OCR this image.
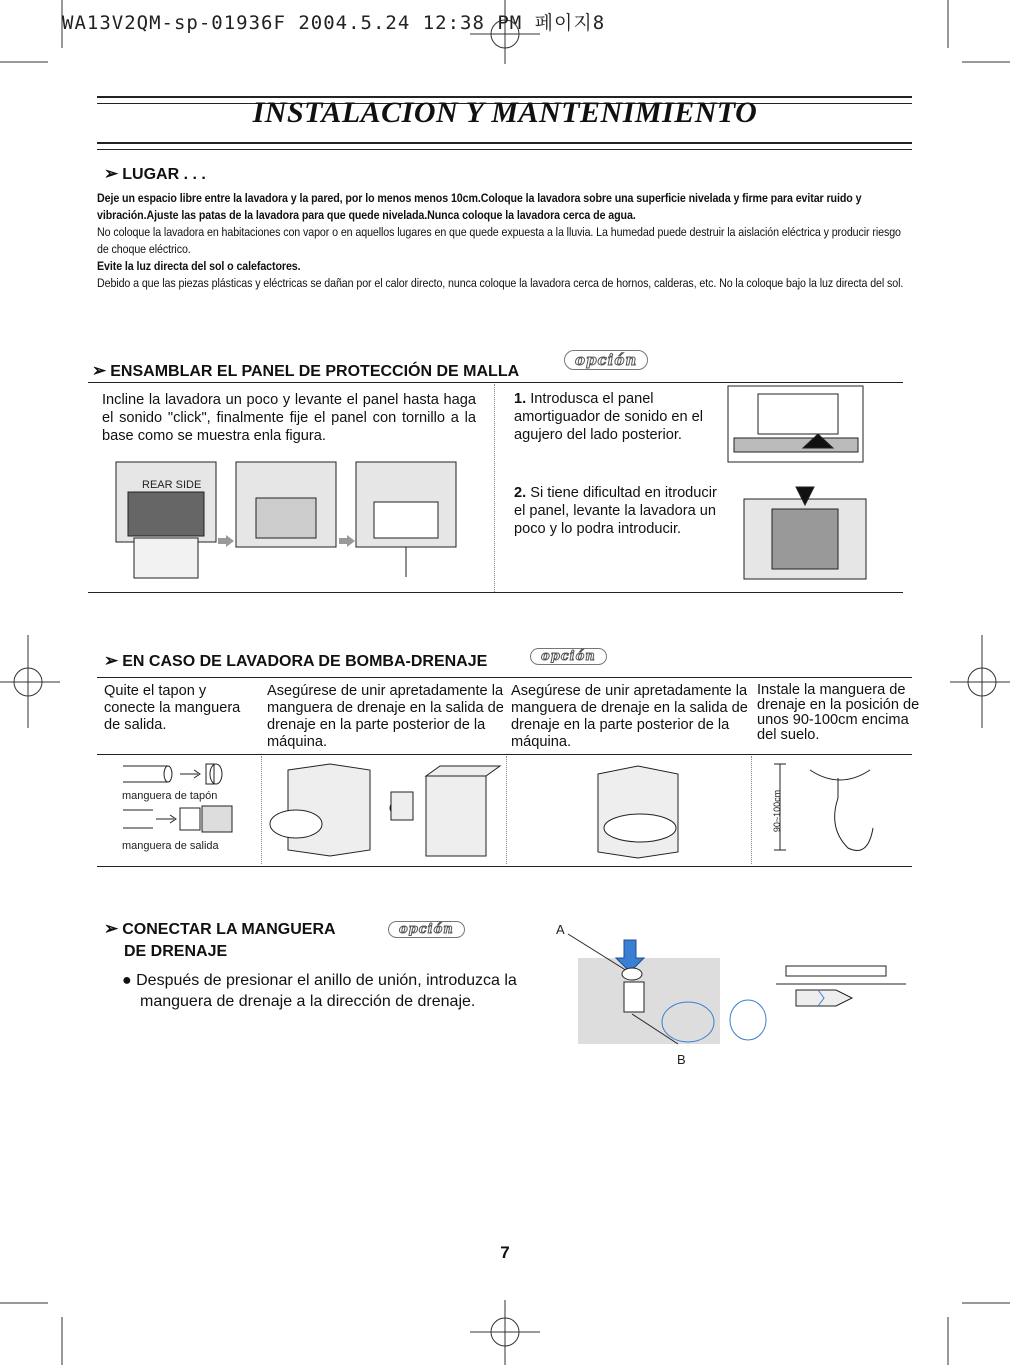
WA13V2QM-sp-01936F 2004.5.24 12:38 PM 페이지8
INSTALACION Y MANTENIMIENTO
➢ LUGAR . . .
Deje un espacio libre entre la lavadora y la pared, por lo menos menos 10cm.Coloque la lavadora sobre una superficie nivelada y firme para evitar ruido y vibración.Ajuste las patas de la lavadora para que quede nivelada.Nunca coloque la lavadora cerca de agua.
No coloque la lavadora en habitaciones con vapor o en aquellos lugares en que quede expuesta a la lluvia. La humedad puede destruir la aislación eléctrica y producir riesgo de choque eléctrico.
Evite la luz directa del sol o calefactores.
Debido a que las piezas plásticas y eléctricas se dañan por el calor directo, nunca coloque la lavadora cerca de hornos, calderas, etc. No la coloque bajo la luz directa del sol.
➢ ENSAMBLAR EL PANEL DE PROTECCIÓN DE MALLA
opción
Incline la lavadora un poco y levante el panel hasta haga el sonido "click", finalmente fije el panel con tornillo a la base como se muestra enla figura.
1. Introdusca el panel amortiguador de sonido en el agujero del lado posterior.
2. Si tiene dificultad en itroducir el panel, levante la lavadora un poco y lo podra introducir.
REAR SIDE
➢ EN CASO DE LAVADORA DE BOMBA-DRENAJE	opción
Quite el tapon y conecte la manguera de salida.
Asegúrese de unir apretadamente la manguera de drenaje en la salida de drenaje en la parte posterior de la máquina.
Asegúrese de unir apretadamente la manguera de drenaje en la salida de drenaje en la parte posterior de la máquina.
Instale la manguera de drenaje en la posición de unos 90-100cm encima del suelo.
manguera de tapón
manguera de salida
90~100cm
➢ CONECTAR LA MANGUERA
DE DRENAJE
opción
● Después de presionar el anillo de unión, introduzca la manguera de drenaje a la dirección de drenaje.
A
B
7
